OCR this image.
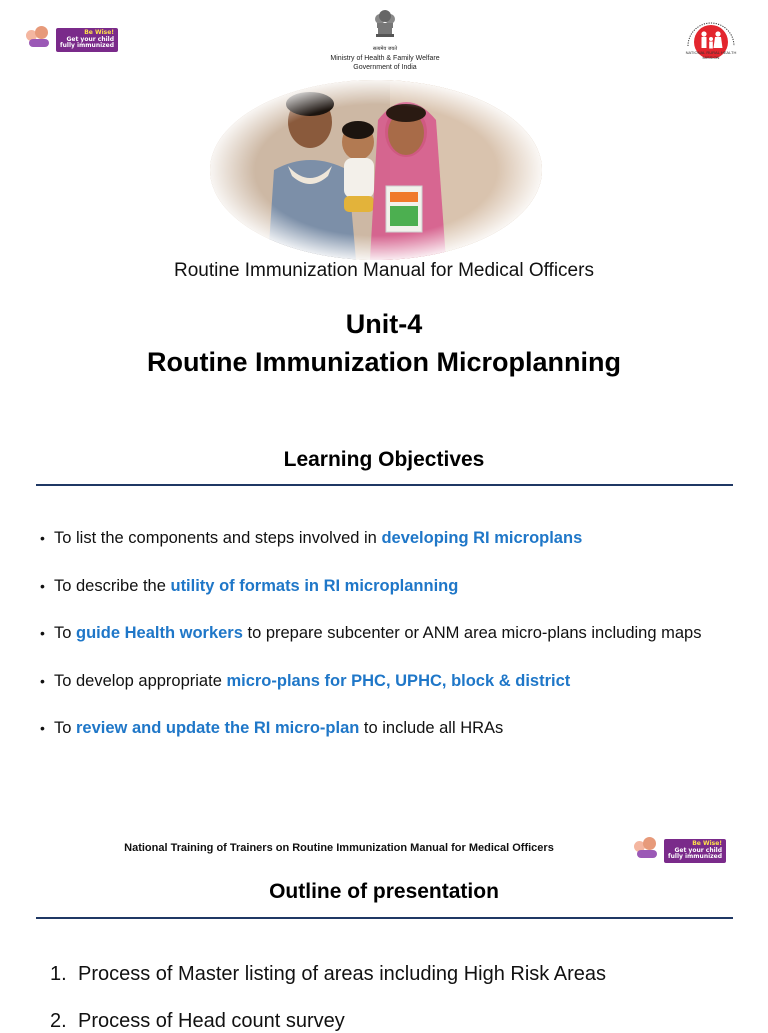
Be Wise!
Get your child
fully immunized	सत्यमेव जयते
Ministry of Health & Family Welfare
Government of India
NATIONAL RURAL HEALTH MISSION
Routine Immunization Manual for Medical Officers
Unit-4
Routine Immunization Microplanning
Learning Objectives
• To list the components and steps involved in developing RI microplans
• To describe the utility of formats in RI microplanning
• To guide Health workers to prepare subcenter or ANM area micro-plans including maps
• To develop appropriate micro-plans for PHC, UPHC, block & district
• To review and update the RI micro-plan to include all HRAs
National Training of Trainers on Routine Immunization Manual for Medical Officers	Be Wise!
Get your child
fully immunized
Outline of presentation
1. Process of Master listing of areas including High Risk Areas
2. Process of Head count survey
